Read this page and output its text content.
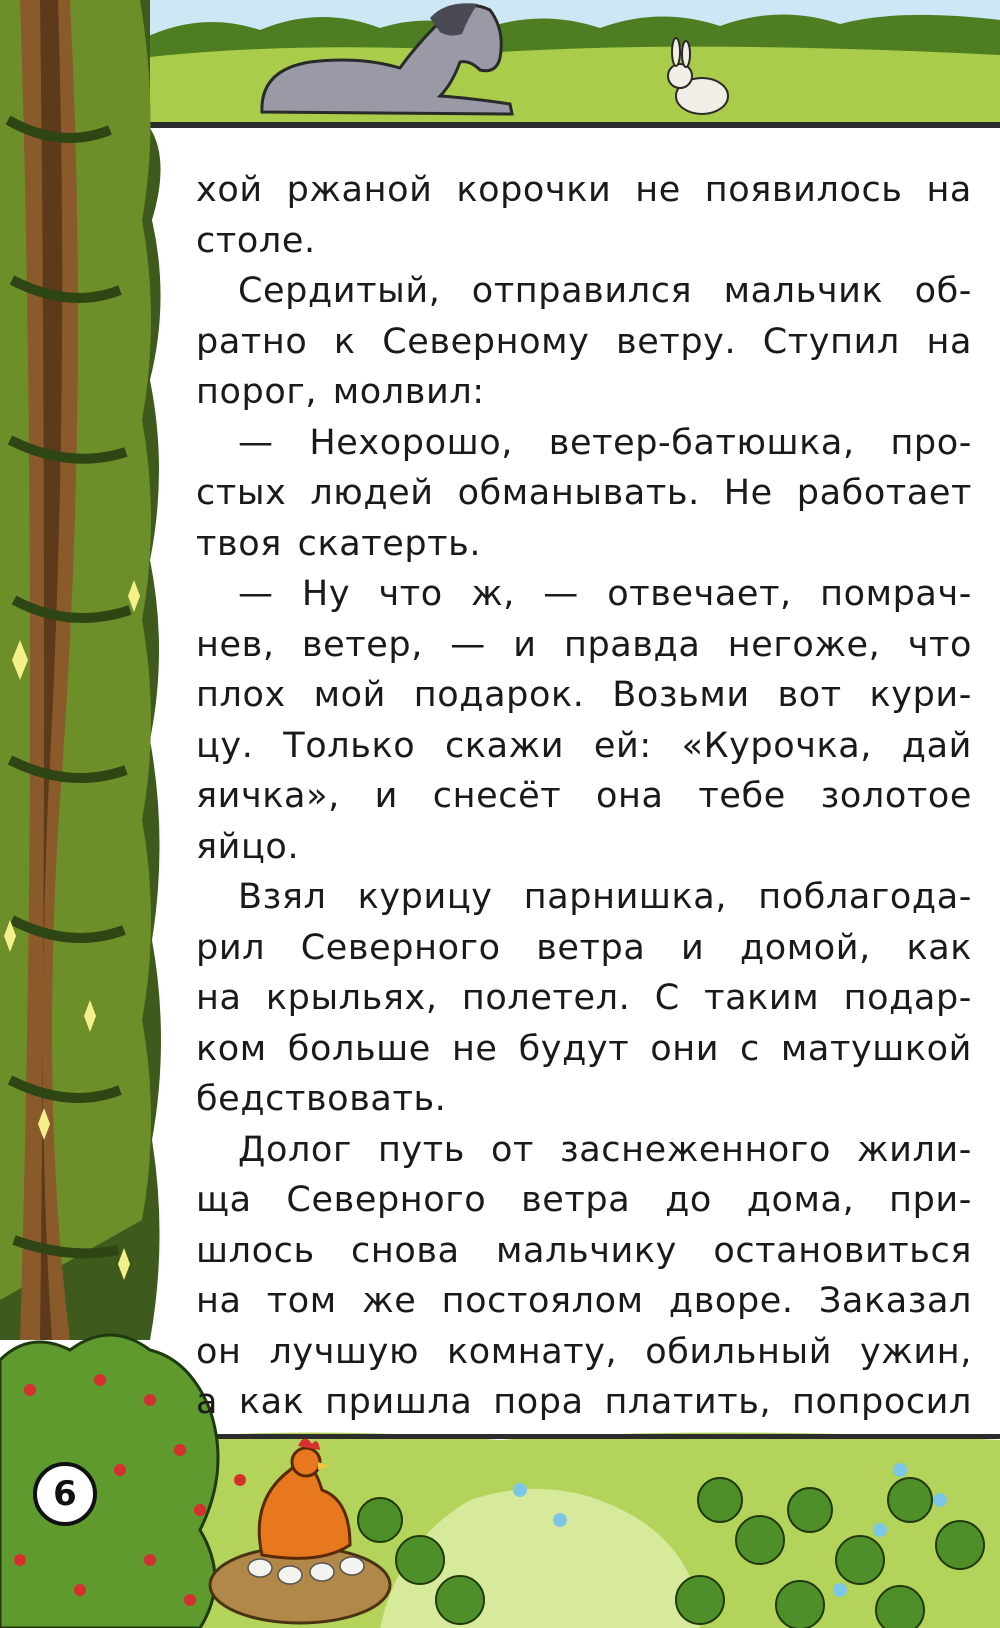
хой ржаной корочки не появилось на
столе.
Сердитый, отправился мальчик об-
ратно к Северному ветру. Ступил на
порог, молвил:
— Нехорошо, ветер-батюшка, про-
стых людей обманывать. Не работает
твоя скатерть.
— Ну что ж, — отвечает, помрач-
нев, ветер, — и правда негоже, что
плох мой подарок. Возьми вот кури-
цу. Только скажи ей: «Курочка, дай
яичка», и снесёт она тебе золотое
яйцо.
Взял курицу парнишка, поблагода-
рил Северного ветра и домой, как
на крыльях, полетел. С таким подар-
ком больше не будут они с матушкой
бедствовать.
Долог путь от заснеженного жили-
ща Северного ветра до дома, при-
шлось снова мальчику остановиться
на том же постоялом дворе. Заказал
он лучшую комнату, обильный ужин,
а как пришла пора платить, попросил
6
